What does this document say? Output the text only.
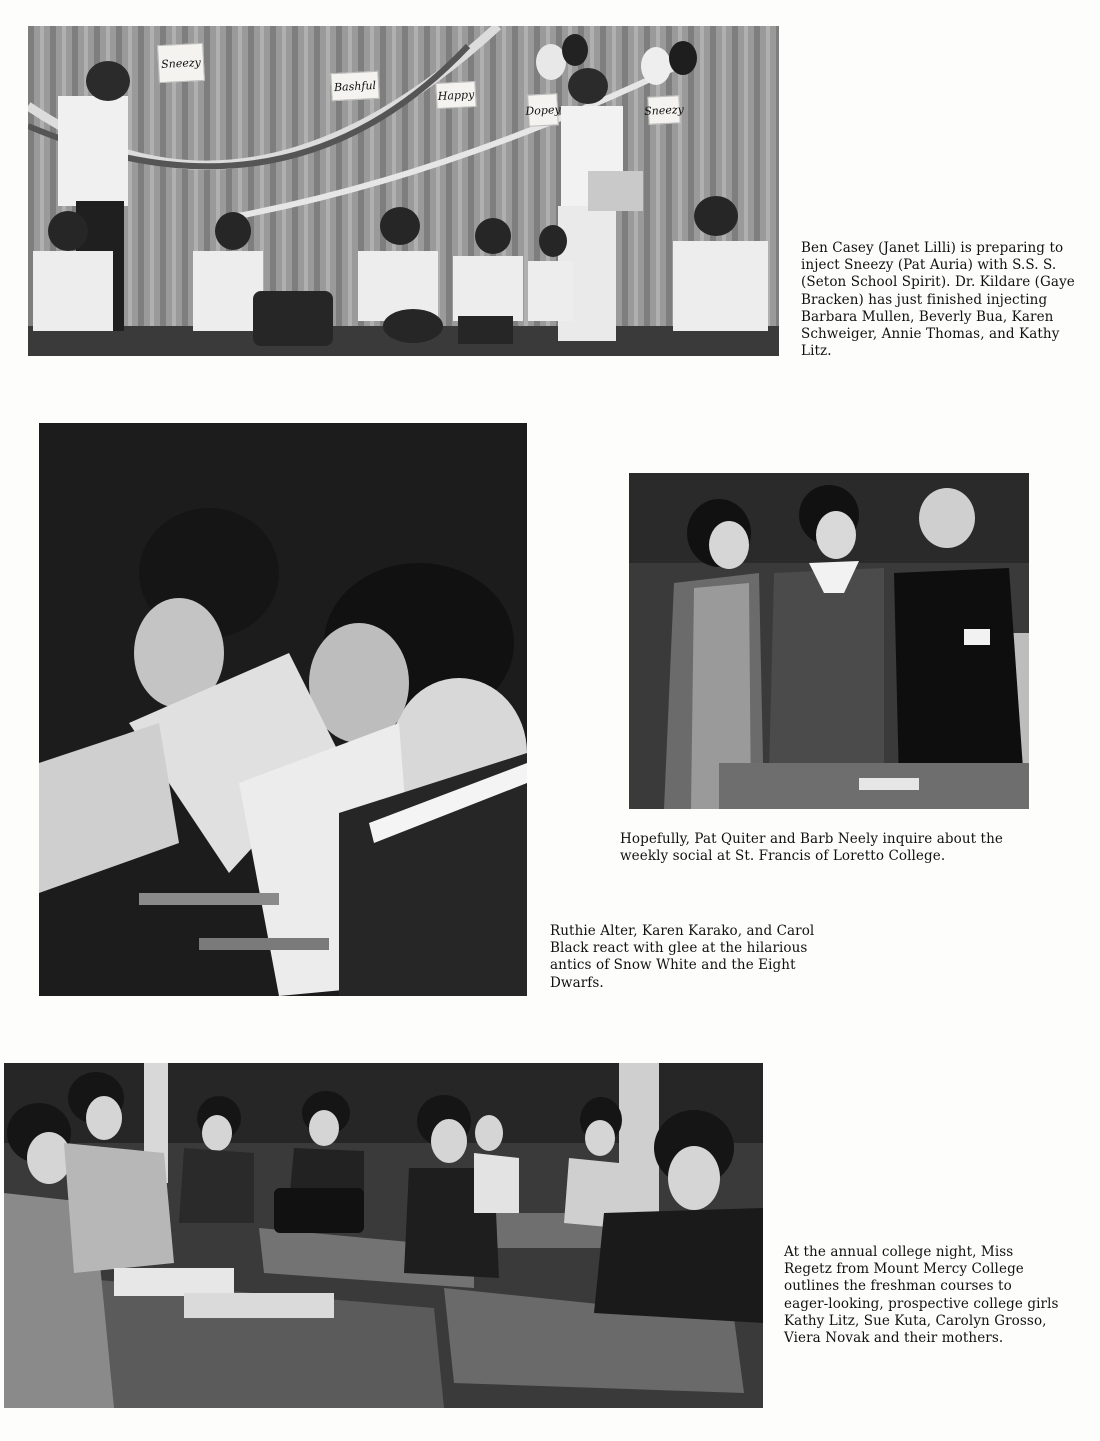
Sneezy
Bashful
Happy
Dopey	Sneezy
Ben Casey (Janet Lilli) is preparing to inject Sneezy (Pat Auria) with S.S. S. (Seton School Spirit). Dr. Kildare (Gaye Bracken) has just finished injecting Barbara Mullen, Beverly Bua, Karen Schweiger, Annie Thomas, and Kathy Litz.
Ruthie Alter, Karen Karako, and Carol Black react with glee at the hilarious antics of Snow White and the Eight Dwarfs.
Hopefully, Pat Quiter and Barb Neely inquire about the weekly social at St. Francis of Loretto College.
At the annual college night, Miss Regetz from Mount Mercy College outlines the freshman courses to eager-looking, prospective college girls Kathy Litz, Sue Kuta, Carolyn Grosso, Viera Novak and their mothers.
